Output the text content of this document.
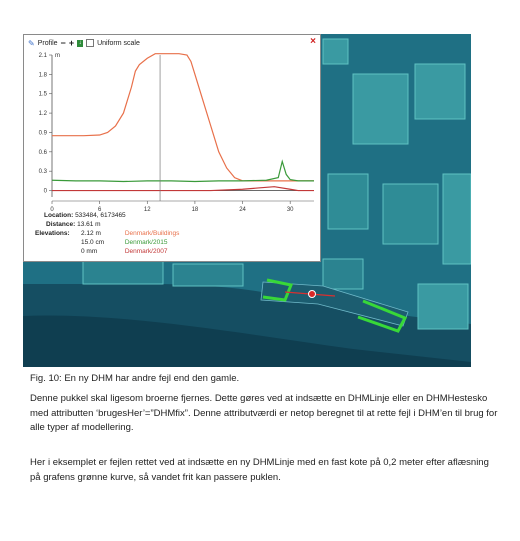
✎ Profile − + ↓ Uniform scale	×
0
0.3
0.6
0.9
1.2
1.5
1.8
2.1 m
0	6	12	18	24	30
Location: 533484, 6173465
Distance: 13.61 m
Elevations: 2.12 m	Denmark/Buildings
15.0 cm	Denmark/2015
0 mm	Denmark/2007
Fig. 10: En ny DHM har andre fejl end den gamle.

Denne pukkel skal ligesom broerne fjernes. Dette gøres ved at indsætte en DHMLinje eller en DHMHestesko med attributten ‘brugesHer’=”DHMfix”. Denne attributværdi er netop beregnet til at rette fejl i DHM’en til brug for alle typer af modellering.

Her i eksemplet er fejlen rettet ved at indsætte en ny DHMLinje med en fast kote på 0,2 meter efter aflæsning på grafens grønne kurve, så vandet frit kan passere puklen.
